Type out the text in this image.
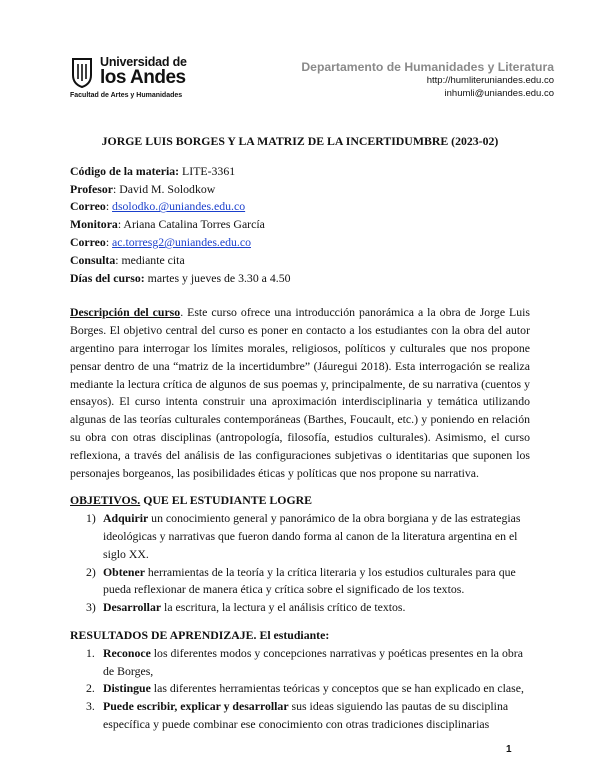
Universidad de
los Andes
Facultad de Artes y Humanidades
Departamento de Humanidades y Literatura
http://humliteruniandes.edu.co
inhumli@uniandes.edu.co
JORGE LUIS BORGES Y LA MATRIZ DE LA INCERTIDUMBRE (2023-02)
Código de la materia: LITE-3361
Profesor: David M. Solodkow
Correo: dsolodko.@uniandes.edu.co
Monitora: Ariana Catalina Torres García
Correo: ac.torresg2@uniandes.edu.co
Consulta: mediante cita
Días del curso: martes y jueves de 3.30 a 4.50
Descripción del curso. Este curso ofrece una introducción panorámica a la obra de Jorge Luis Borges. El objetivo central del curso es poner en contacto a los estudiantes con la obra del autor argentino para interrogar los límites morales, religiosos, políticos y culturales que nos propone pensar dentro de una “matriz de la incertidumbre” (Jáuregui 2018). Esta interrogación se realiza mediante la lectura crítica de algunos de sus poemas y, principalmente, de su narrativa (cuentos y ensayos). El curso intenta construir una aproximación interdisciplinaria y temática utilizando algunas de las teorías culturales contemporáneas (Barthes, Foucault, etc.) y poniendo en relación su obra con otras disciplinas (antropología, filosofía, estudios culturales). Asimismo, el curso reflexiona, a través del análisis de las configuraciones subjetivas o identitarias que suponen los personajes borgeanos, las posibilidades éticas y políticas que nos propone su narrativa.
OBJETIVOS. QUE EL ESTUDIANTE LOGRE
1) Adquirir un conocimiento general y panorámico de la obra borgiana y de las estrategias ideológicas y narrativas que fueron dando forma al canon de la literatura argentina en el siglo XX.
2) Obtener herramientas de la teoría y la crítica literaria y los estudios culturales para que pueda reflexionar de manera ética y crítica sobre el significado de los textos.
3) Desarrollar la escritura, la lectura y el análisis crítico de textos.
RESULTADOS DE APRENDIZAJE. El estudiante:
1. Reconoce los diferentes modos y concepciones narrativas y poéticas presentes en la obra de Borges,
2. Distingue las diferentes herramientas teóricas y conceptos que se han explicado en clase,
3. Puede escribir, explicar y desarrollar sus ideas siguiendo las pautas de su disciplina específica y puede combinar ese conocimiento con otras tradiciones disciplinarias
1
